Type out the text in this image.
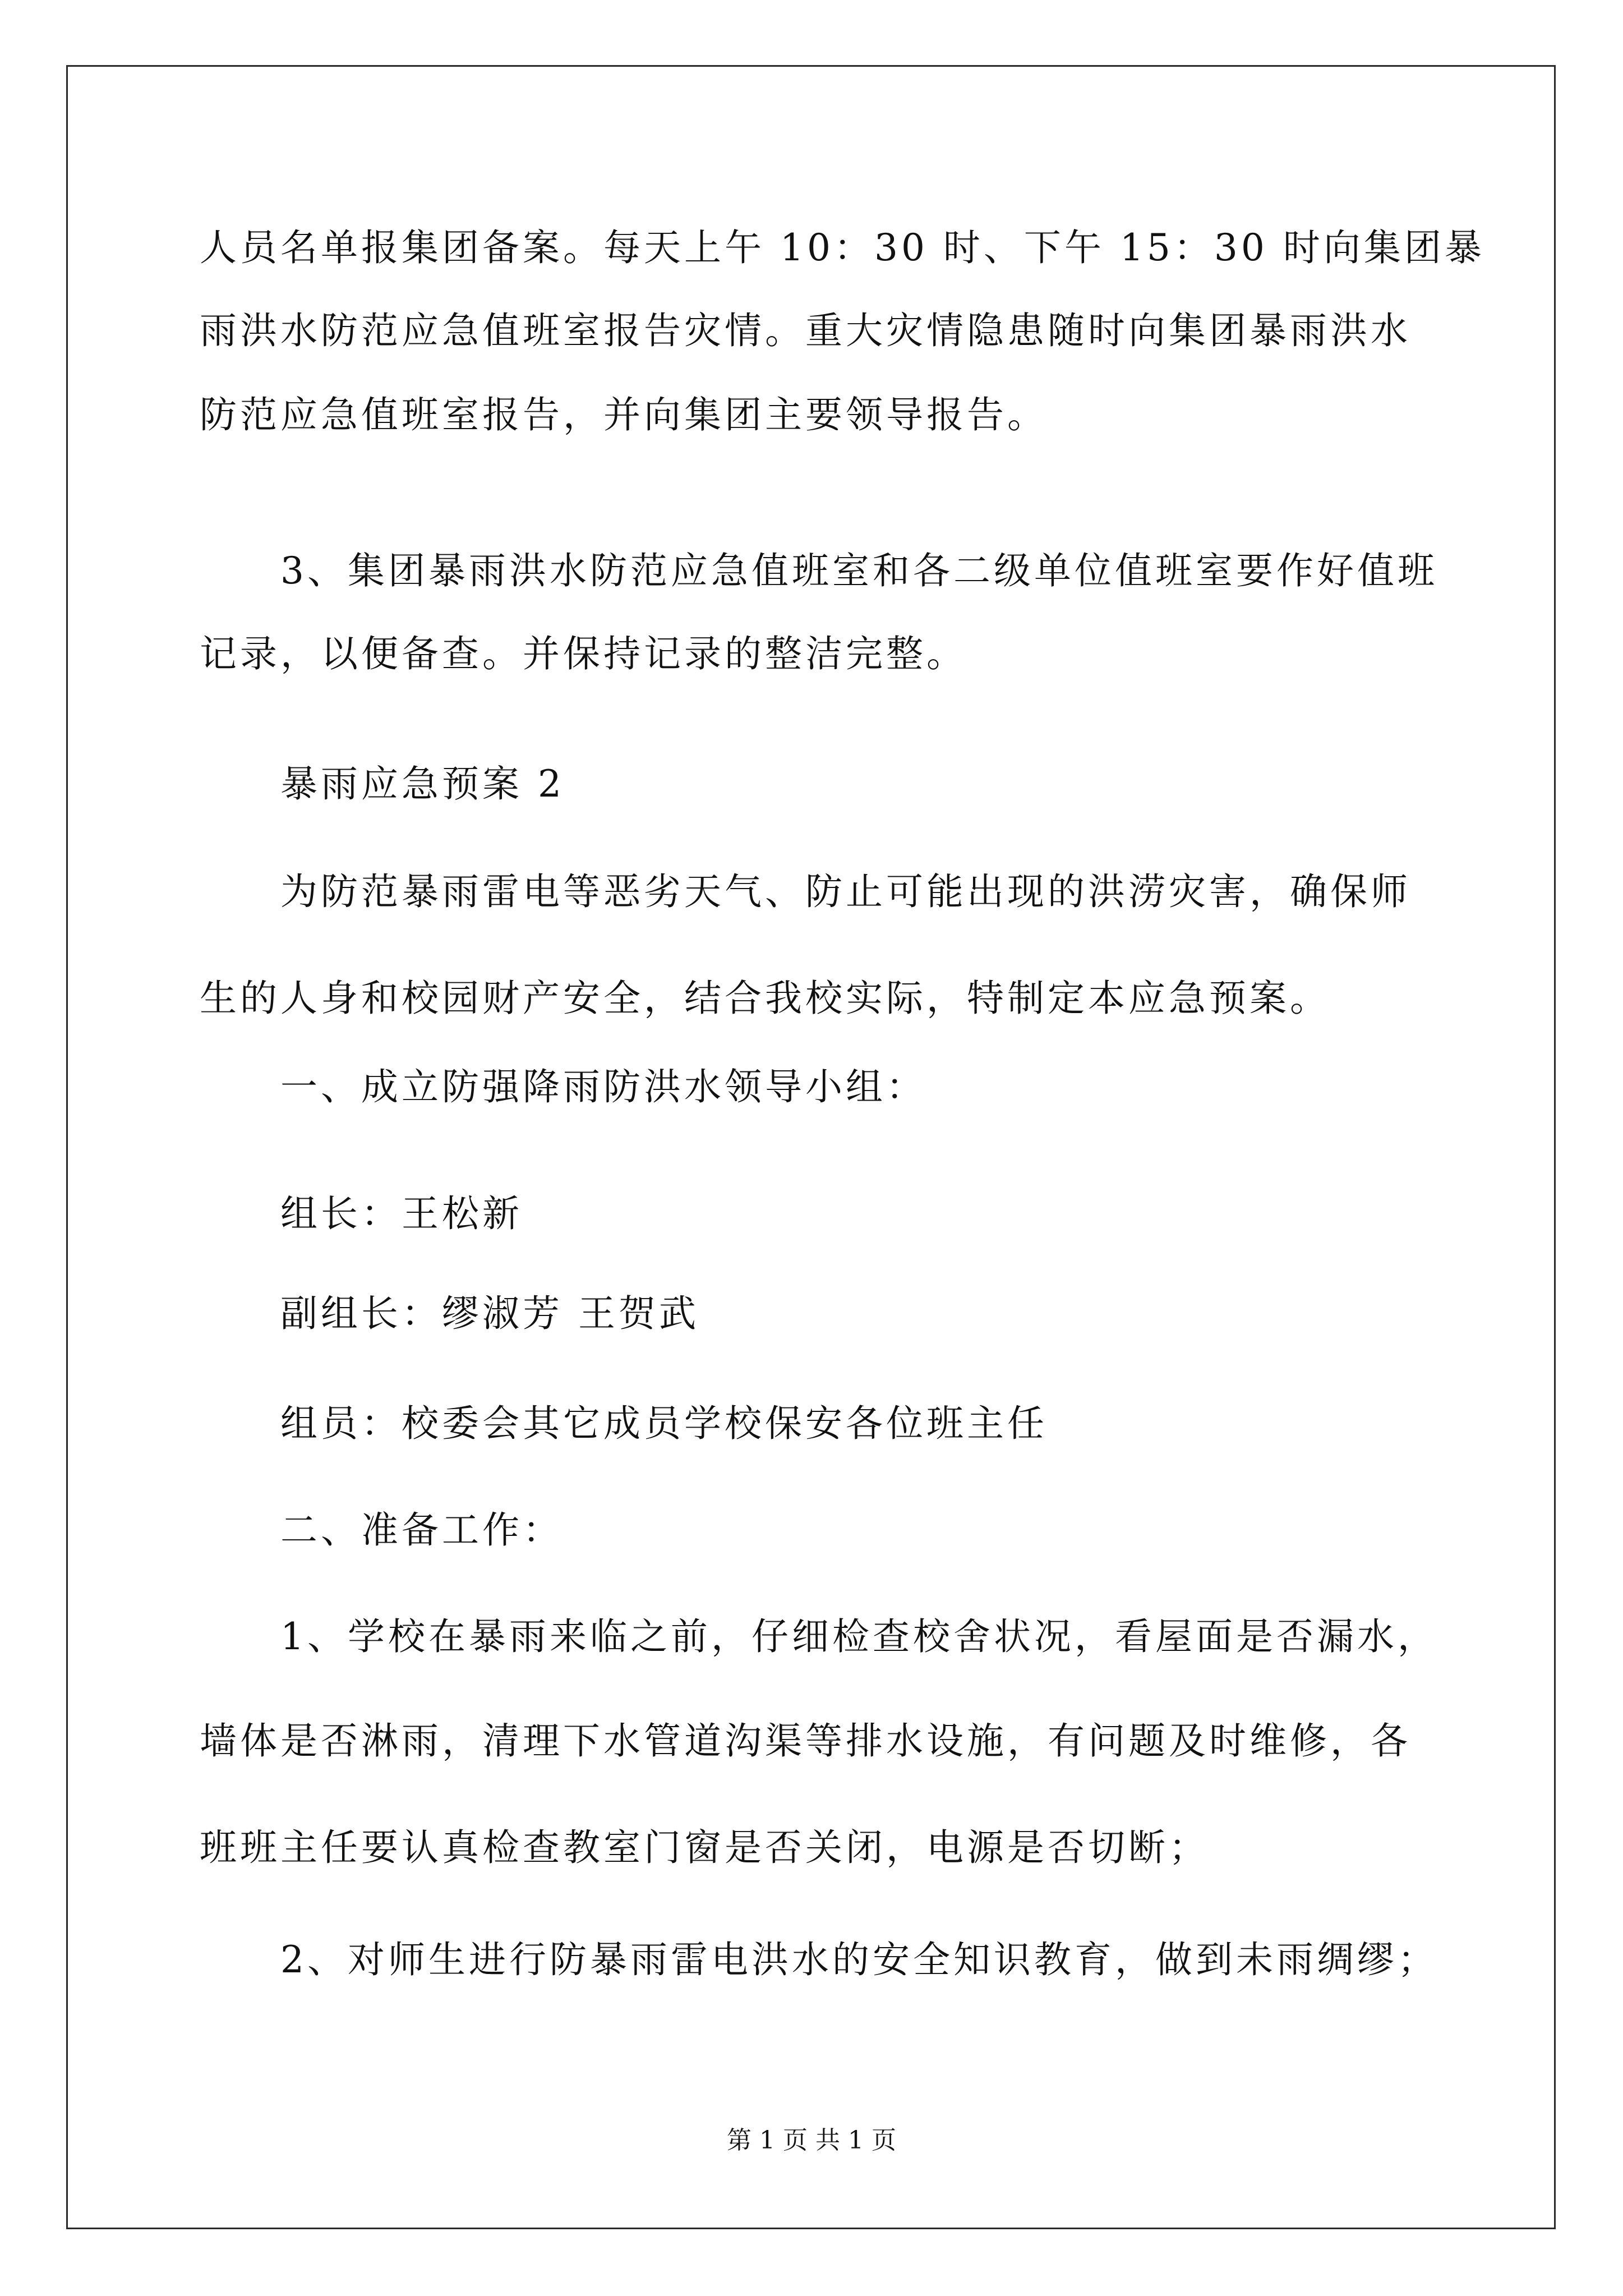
人员名单报集团备案。每天上午 10：30 时、下午 15：30 时向集团暴
雨洪水防范应急值班室报告灾情。重大灾情隐患随时向集团暴雨洪水
防范应急值班室报告，并向集团主要领导报告。
3、集团暴雨洪水防范应急值班室和各二级单位值班室要作好值班
记录，以便备查。并保持记录的整洁完整。
暴雨应急预案 2
为防范暴雨雷电等恶劣天气、防止可能出现的洪涝灾害，确保师
生的人身和校园财产安全，结合我校实际，特制定本应急预案。
一、成立防强降雨防洪水领导小组：
组长：王松新
副组长：缪淑芳 王贺武
组员：校委会其它成员学校保安各位班主任
二、准备工作：
1、学校在暴雨来临之前，仔细检查校舍状况，看屋面是否漏水，
墙体是否淋雨，清理下水管道沟渠等排水设施，有问题及时维修，各
班班主任要认真检查教室门窗是否关闭，电源是否切断；
2、对师生进行防暴雨雷电洪水的安全知识教育，做到未雨绸缪；
第 1 页 共 1 页
